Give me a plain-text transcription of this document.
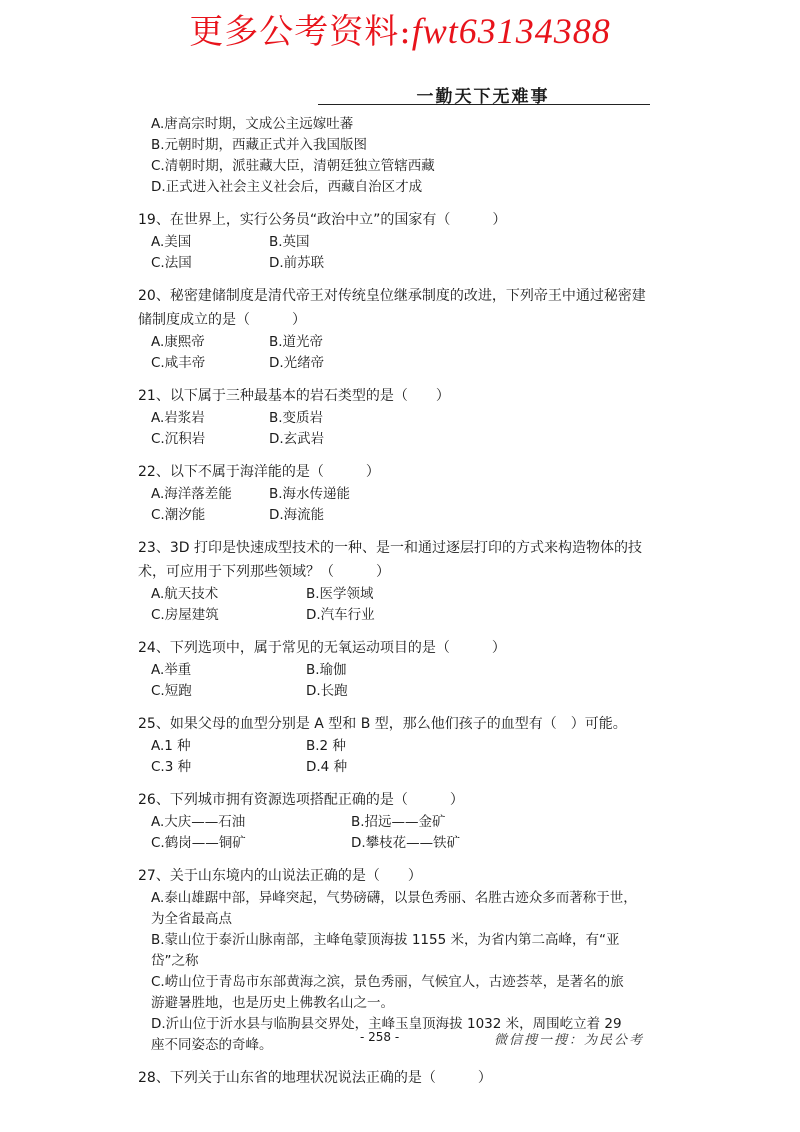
更多公考资料:fwt63134388
一勤天下无难事
A.唐高宗时期，文成公主远嫁吐蕃
B.元朝时期，西藏正式并入我国版图
C.清朝时期，派驻藏大臣，清朝廷独立管辖西藏
D.正式进入社会主义社会后，西藏自治区才成
19、在世界上，实行公务员“政治中立”的国家有（　　　）
A.美国	B.英国
C.法国	D.前苏联
20、秘密建储制度是清代帝王对传统皇位继承制度的改进，下列帝王中通过秘密建
储制度成立的是（　　　）
A.康熙帝	B.道光帝
C.咸丰帝	D.光绪帝
21、以下属于三种最基本的岩石类型的是（　　）
A.岩浆岩	B.变质岩
C.沉积岩	D.玄武岩
22、以下不属于海洋能的是（　　　）
A.海洋落差能	B.海水传递能
C.潮汐能	D.海流能
23、3D 打印是快速成型技术的一种、是一和通过逐层打印的方式来构造物体的技
术，可应用于下列那些领域？（　　　）
A.航天技术	B.医学领域
C.房屋建筑	D.汽车行业
24、下列选项中，属于常见的无氧运动项目的是（　　　）
A.举重	B.瑜伽
C.短跑	D.长跑
25、如果父母的血型分别是 A 型和 B 型，那么他们孩子的血型有（　）可能。
A.1 种	B.2 种
C.3 种	D.4 种
26、下列城市拥有资源选项搭配正确的是（　　　）
A.大庆——石油	B.招远——金矿
C.鹤岗——铜矿	D.攀枝花——铁矿
27、关于山东境内的山说法正确的是（　　）
A.泰山雄踞中部，异峰突起，气势磅礴，以景色秀丽、名胜古迹众多而著称于世，
为全省最高点
B.蒙山位于泰沂山脉南部，主峰龟蒙顶海拔 1155 米，为省内第二高峰，有“亚
岱”之称
C.崂山位于青岛市东部黄海之滨，景色秀丽，气候宜人，古迹荟萃，是著名的旅
游避暑胜地，也是历史上佛教名山之一。
D.沂山位于沂水县与临朐县交界处，主峰玉皇顶海拔 1032 米，周围屹立着 29
座不同姿态的奇峰。
28、下列关于山东省的地理状况说法正确的是（　　　）
- 258 -	微信搜一搜：为民公考
